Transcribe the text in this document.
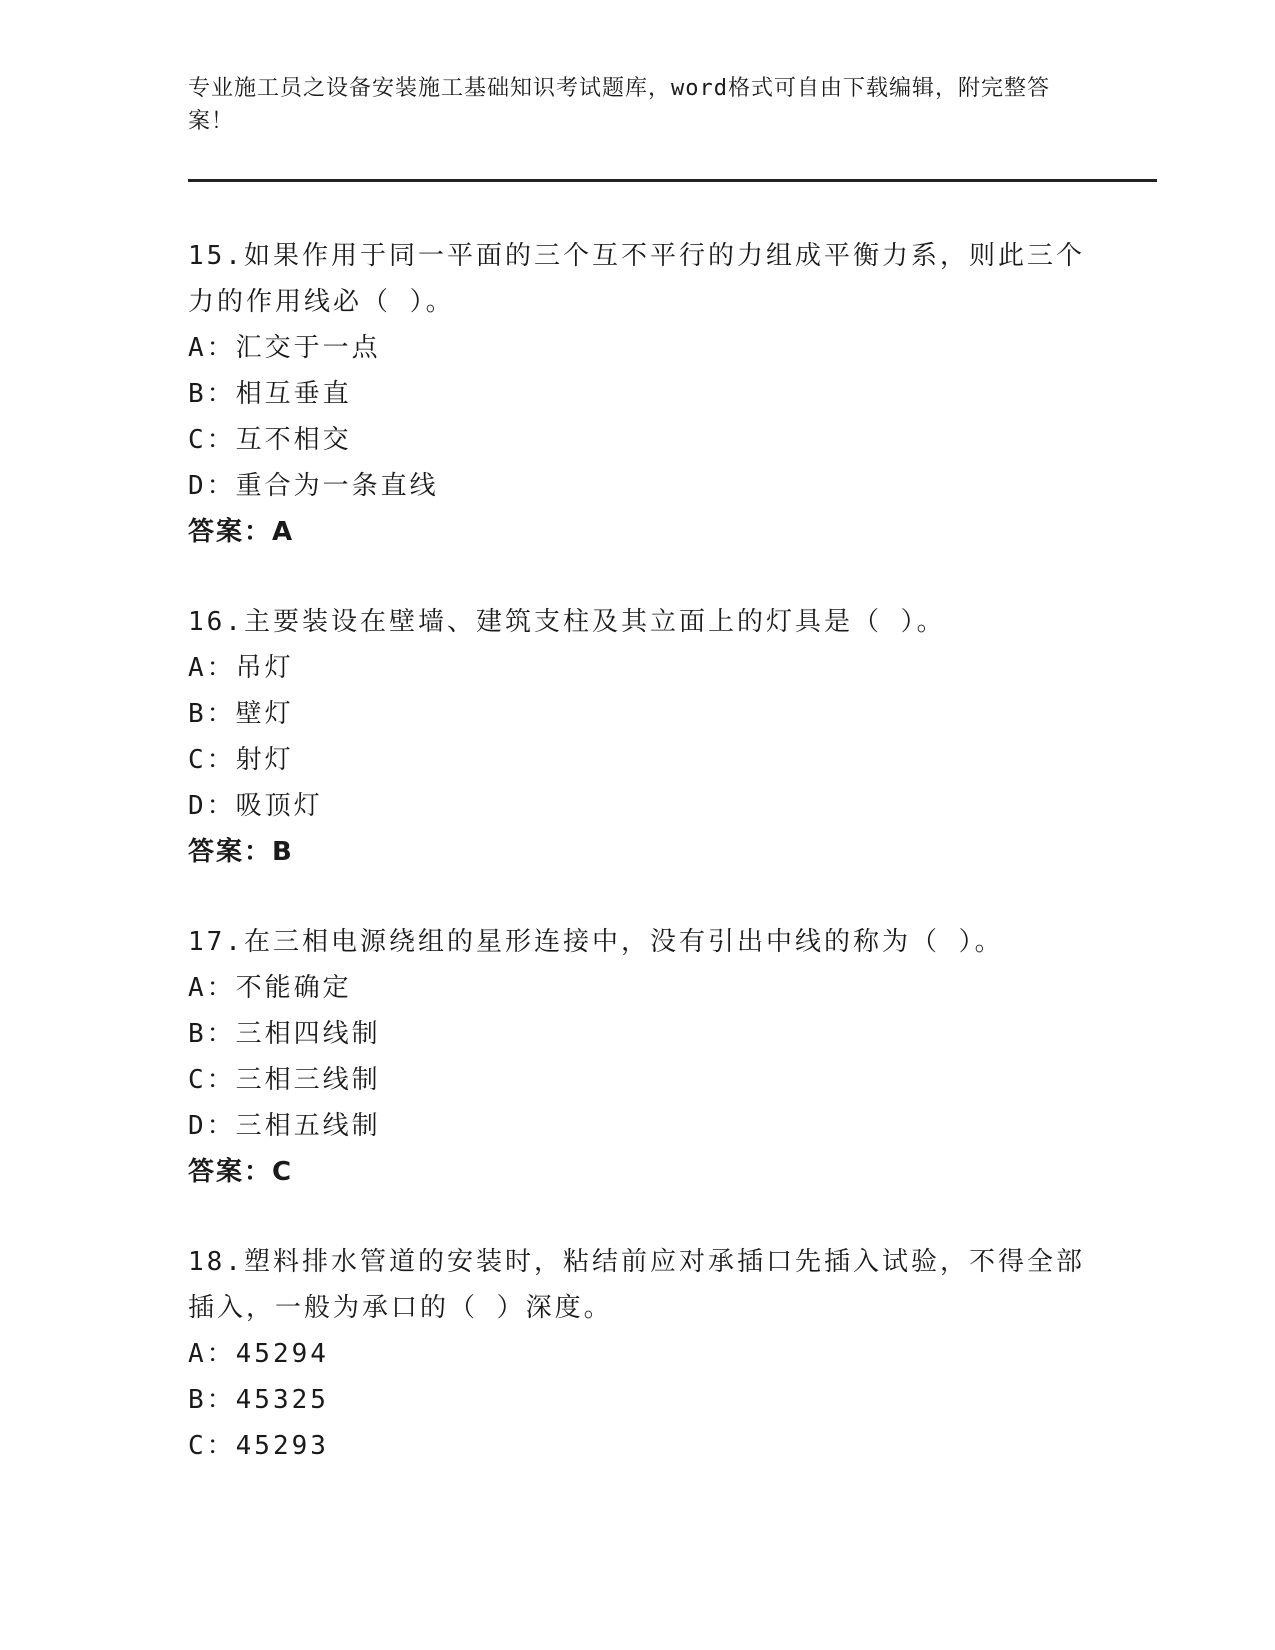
专业施工员之设备安装施工基础知识考试题库，word格式可自由下载编辑，附完整答案！

15.如果作用于同一平面的三个互不平行的力组成平衡力系，则此三个力的作用线必（ ）。

A：汇交于一点

B：相互垂直

C：互不相交

D：重合为一条直线

答案：A

16.主要装设在壁墙、建筑支柱及其立面上的灯具是（ ）。

A：吊灯

B：壁灯

C：射灯

D：吸顶灯

答案：B

17.在三相电源绕组的星形连接中，没有引出中线的称为（ ）。

A：不能确定

B：三相四线制

C：三相三线制

D：三相五线制

答案：C

18.塑料排水管道的安装时，粘结前应对承插口先插入试验，不得全部插入，一般为承口的（ ）深度。

A：45294

B：45325

C：45293
